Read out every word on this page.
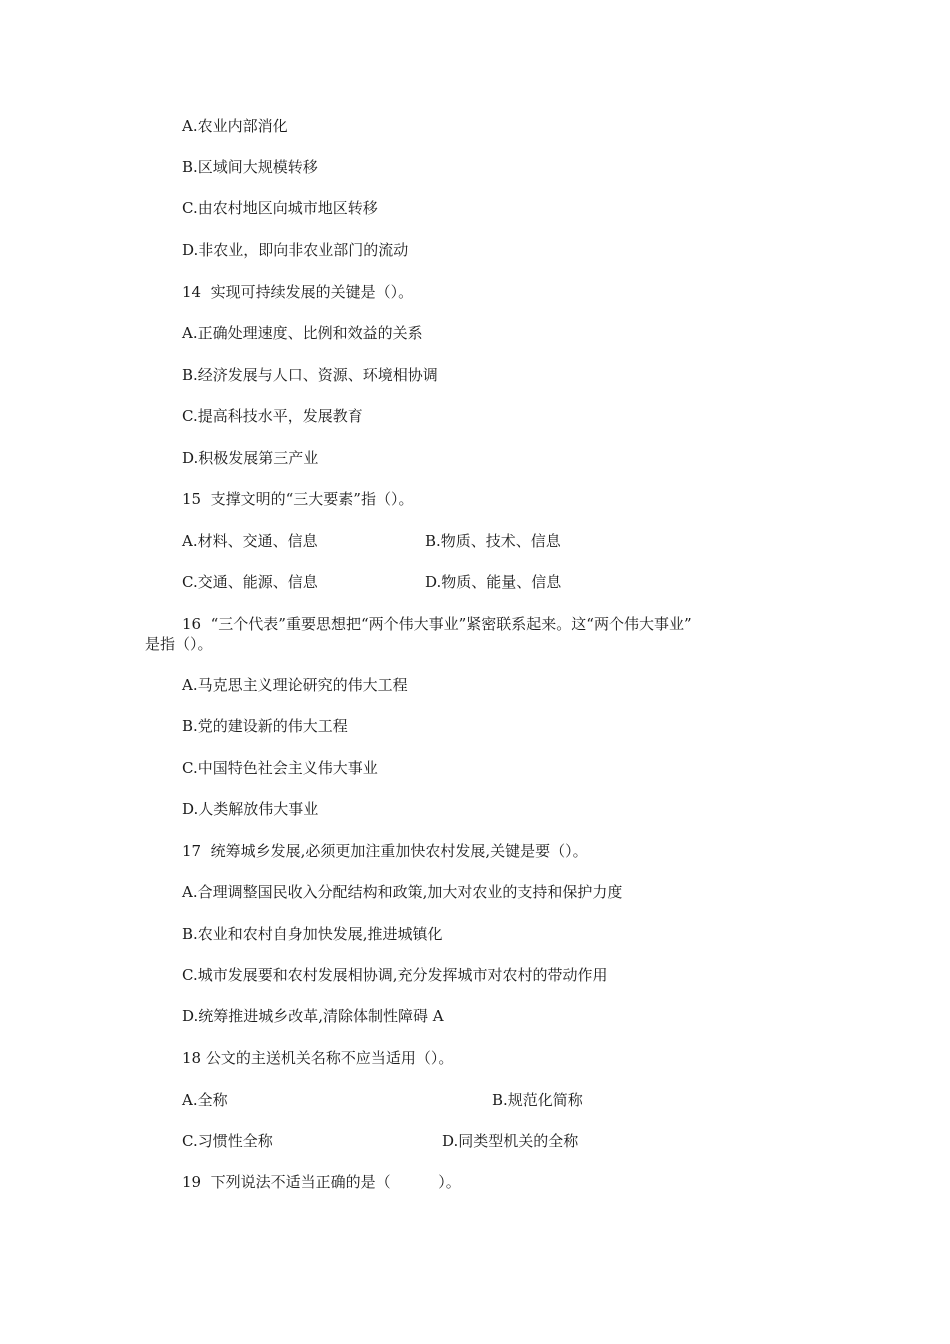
A.农业内部消化
B.区域间大规模转移
C.由农村地区向城市地区转移
D.非农业，即向非农业部门的流动
14  实现可持续发展的关键是（）。
A.正确处理速度、比例和效益的关系
B.经济发展与人口、资源、环境相协调
C.提高科技水平，发展教育
D.积极发展第三产业
15  支撑文明的“三大要素”指（）。
A.材料、交通、信息	B.物质、技术、信息
C.交通、能源、信息	D.物质、能量、信息
16  “三个代表”重要思想把“两个伟大事业”紧密联系起来。这“两个伟大事业”
是指（）。
A.马克思主义理论研究的伟大工程
B.党的建设新的伟大工程
C.中国特色社会主义伟大事业
D.人类解放伟大事业
17  统筹城乡发展,必须更加注重加快农村发展,关键是要（）。
A.合理调整国民收入分配结构和政策,加大对农业的支持和保护力度
B.农业和农村自身加快发展,推进城镇化
C.城市发展要和农村发展相协调,充分发挥城市对农村的带动作用
D.统筹推进城乡改革,清除体制性障碍 A
18 公文的主送机关名称不应当适用（）。
A.全称	B.规范化简称
C.习惯性全称	D.同类型机关的全称
19  下列说法不适当正确的是（          ）。
